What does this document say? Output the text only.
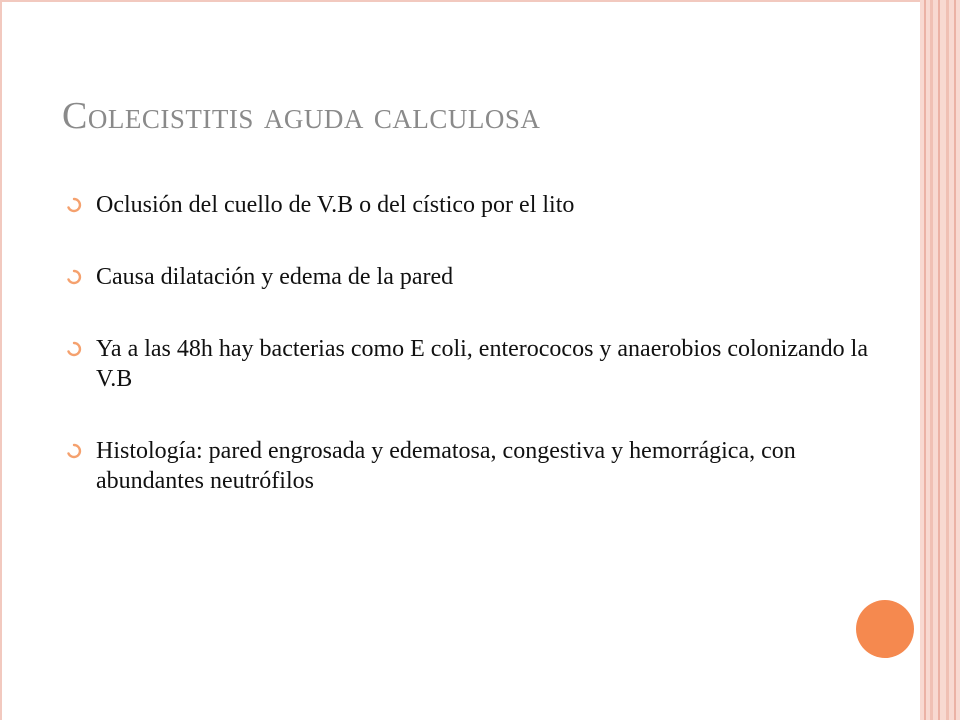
Colecistitis aguda calculosa
Oclusión del cuello de V.B o del cístico por el lito
Causa dilatación y edema de la pared
Ya a las 48h hay bacterias como E coli, enterococos y anaerobios colonizando la V.B
Histología: pared engrosada y edematosa, congestiva y hemorrágica, con abundantes neutrófilos
